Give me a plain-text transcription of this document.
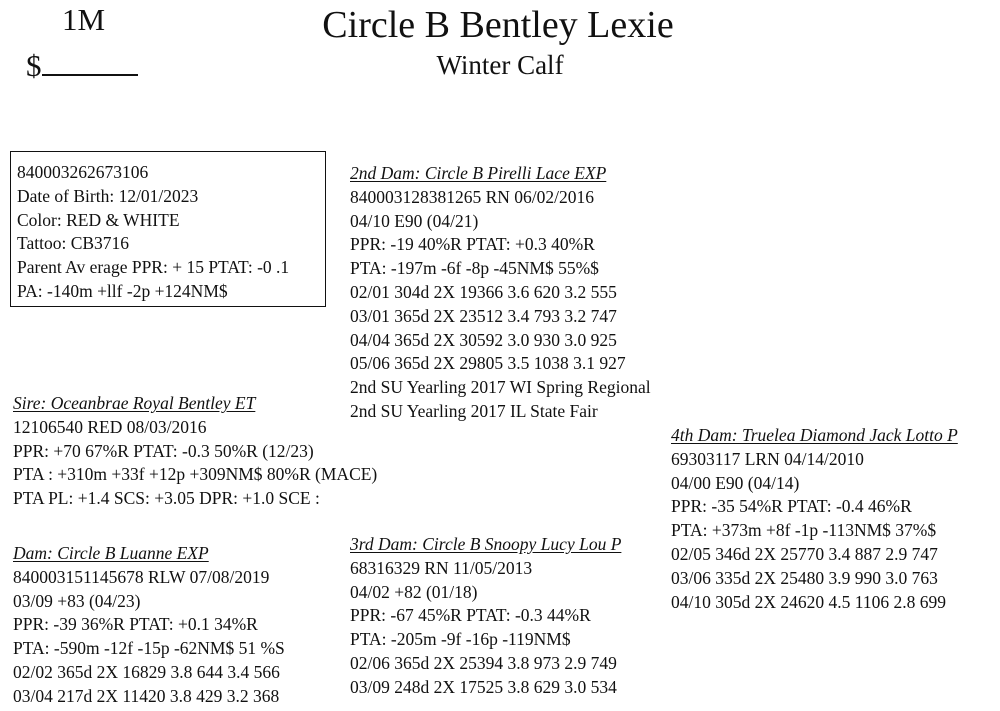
1M
$
Circle B Bentley Lexie
Winter Calf
840003262673106
Date of Birth: 12/01/2023
Color: RED & WHITE
Tattoo: CB3716
Parent Av erage PPR: + 15 PTAT: -0 .1
PA: -140m +llf -2p +124NM$
Sire: Oceanbrae Royal Bentley ET
12106540 RED 08/03/2016
PPR: +70 67%R PTAT: -0.3 50%R (12/23)
PTA : +310m +33f +12p +309NM$ 80%R (MACE)
PTA PL: +1.4 SCS: +3.05 DPR: +1.0 SCE :
Dam: Circle B Luanne EXP
840003151145678 RLW 07/08/2019
03/09 +83 (04/23)
PPR: -39 36%R PTAT: +0.1 34%R
PTA: -590m -12f -15p -62NM$ 51 %S
02/02 365d 2X 16829 3.8 644 3.4 566
03/04 217d 2X 11420 3.8 429 3.2 368
2nd Dam: Circle B Pirelli Lace EXP
840003128381265 RN 06/02/2016
04/10 E90 (04/21)
PPR: -19 40%R PTAT: +0.3 40%R
PTA: -197m -6f -8p -45NM$ 55%$
02/01 304d 2X 19366 3.6 620 3.2 555
03/01 365d 2X 23512 3.4 793 3.2 747
04/04 365d 2X 30592 3.0 930 3.0 925
05/06 365d 2X 29805 3.5 1038 3.1 927
2nd SU Yearling 2017 WI Spring Regional
2nd SU Yearling 2017 IL State Fair
3rd Dam: Circle B Snoopy Lucy Lou P
68316329 RN 11/05/2013
04/02 +82 (01/18)
PPR: -67 45%R PTAT: -0.3 44%R
PTA: -205m -9f -16p -119NM$
02/06 365d 2X 25394 3.8 973 2.9 749
03/09 248d 2X 17525 3.8 629 3.0 534
4th Dam: Truelea Diamond Jack Lotto P
69303117 LRN 04/14/2010
04/00 E90 (04/14)
PPR: -35 54%R PTAT: -0.4 46%R
PTA: +373m +8f -1p -113NM$ 37%$
02/05 346d 2X 25770 3.4 887 2.9 747
03/06 335d 2X 25480 3.9 990 3.0 763
04/10 305d 2X 24620 4.5 1106 2.8 699
